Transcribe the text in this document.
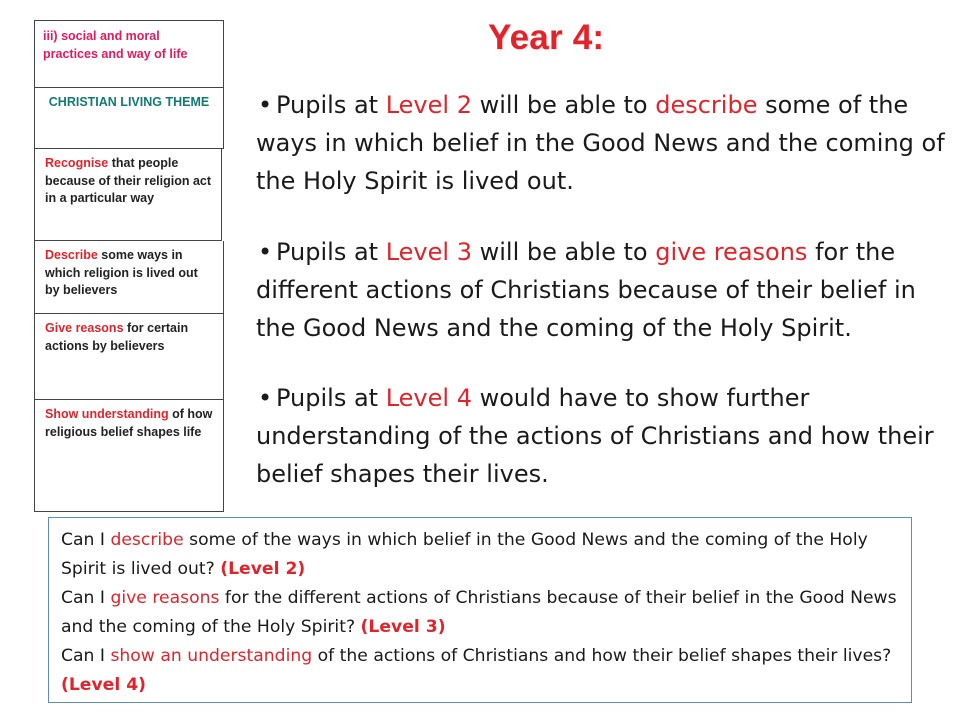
Year 4:
iii) social and moral practices and way of life
CHRISTIAN LIVING THEME
Recognise that people because of their religion act in a particular way
Describe some ways in which religion is lived out by believers
Give reasons for certain actions by believers
Show understanding of how religious belief shapes life
• Pupils at Level 2 will be able to describe some of the ways in which belief in the Good News and the coming of the Holy Spirit is lived out.
• Pupils at Level 3 will be able to give reasons for the different actions of Christians because of their belief in the Good News and the coming of the Holy Spirit.
• Pupils at Level 4 would have to show further understanding of the actions of Christians and how their belief shapes their lives.
Can I describe some of the ways in which belief in the Good News and the coming of the Holy Spirit is lived out? (Level 2)
Can I give reasons for the different actions of Christians because of their belief in the Good News and the coming of the Holy Spirit? (Level 3)
Can I show an understanding of the actions of Christians and how their belief shapes their lives? (Level 4)
